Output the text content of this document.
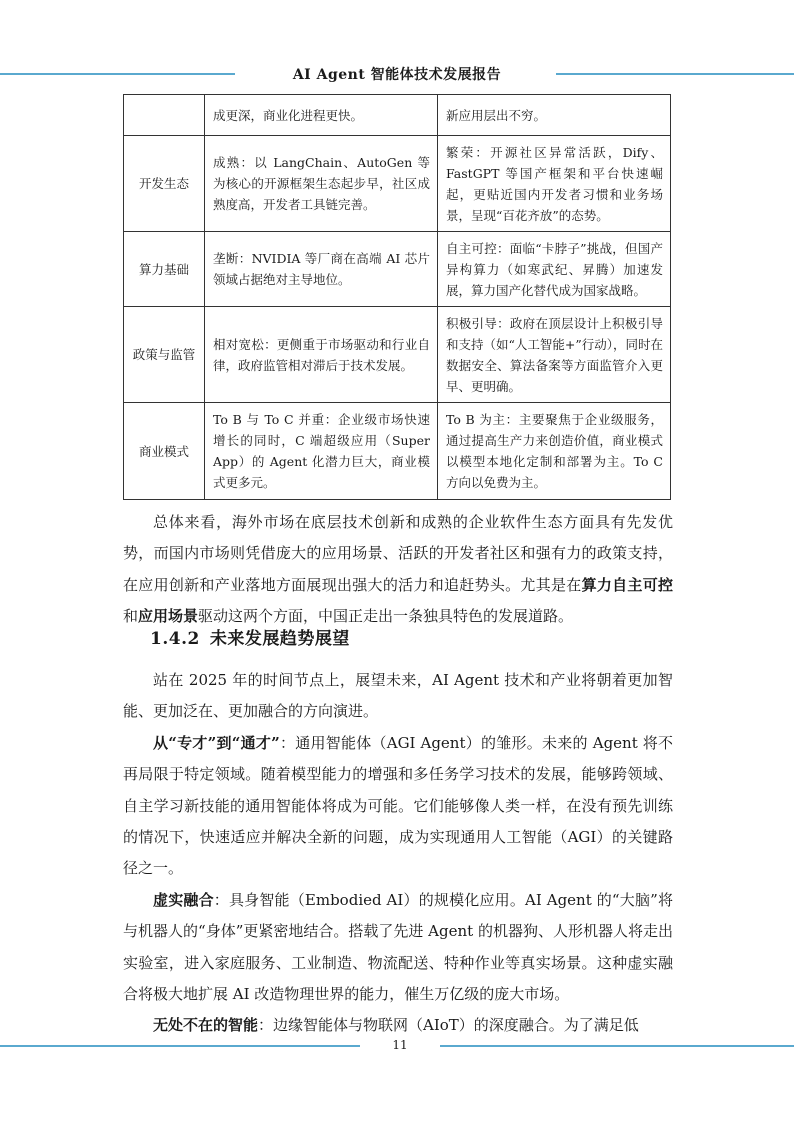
AI Agent 智能体技术发展报告
	成更深，商业化进程更快。	新应用层出不穷。
开发生态	成熟：以 LangChain、AutoGen 等为核心的开源框架生态起步早，社区成熟度高，开发者工具链完善。	繁荣：开源社区异常活跃，Dify、FastGPT 等国产框架和平台快速崛起，更贴近国内开发者习惯和业务场景，呈现“百花齐放”的态势。
算力基础	垄断：NVIDIA 等厂商在高端 AI 芯片领域占据绝对主导地位。	自主可控：面临“卡脖子”挑战，但国产异构算力（如寒武纪、昇腾）加速发展，算力国产化替代成为国家战略。
政策与监管	相对宽松：更侧重于市场驱动和行业自律，政府监管相对滞后于技术发展。	积极引导：政府在顶层设计上积极引导和支持（如“人工智能+”行动），同时在数据安全、算法备案等方面监管介入更早、更明确。
商业模式	To B 与 To C 并重：企业级市场快速增长的同时，C 端超级应用（Super App）的 Agent 化潜力巨大，商业模式更多元。	To B 为主：主要聚焦于企业级服务，通过提高生产力来创造价值，商业模式以模型本地化定制和部署为主。To C 方向以免费为主。

总体来看，海外市场在底层技术创新和成熟的企业软件生态方面具有先发优势，而国内市场则凭借庞大的应用场景、活跃的开发者社区和强有力的政策支持，在应用创新和产业落地方面展现出强大的活力和追赶势头。尤其是在算力自主可控和应用场景驱动这两个方面，中国正走出一条独具特色的发展道路。

1.4.2 未来发展趋势展望

站在 2025 年的时间节点上，展望未来，AI Agent 技术和产业将朝着更加智能、更加泛在、更加融合的方向演进。

从“专才”到“通才”：通用智能体（AGI Agent）的雏形。未来的 Agent 将不再局限于特定领域。随着模型能力的增强和多任务学习技术的发展，能够跨领域、自主学习新技能的通用智能体将成为可能。它们能够像人类一样，在没有预先训练的情况下，快速适应并解决全新的问题，成为实现通用人工智能（AGI）的关键路径之一。

虚实融合：具身智能（Embodied AI）的规模化应用。AI Agent 的“大脑”将与机器人的“身体”更紧密地结合。搭载了先进 Agent 的机器狗、人形机器人将走出实验室，进入家庭服务、工业制造、物流配送、特种作业等真实场景。这种虚实融合将极大地扩展 AI 改造物理世界的能力，催生万亿级的庞大市场。

无处不在的智能：边缘智能体与物联网（AIoT）的深度融合。为了满足低

11
